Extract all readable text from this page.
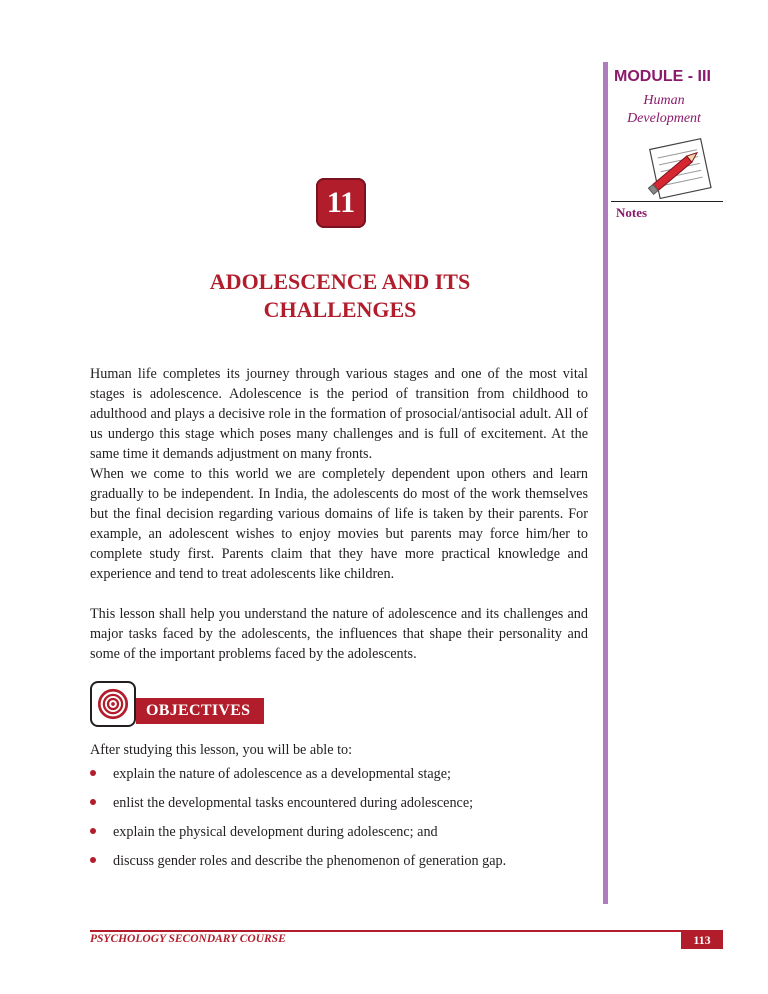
MODULE - III
Human
Development
Notes
11
ADOLESCENCE AND ITS
CHALLENGES

Human life completes its journey through various stages and one of the most vital stages is adolescence. Adolescence is the period of transition from childhood to adulthood and plays a decisive role in the formation of prosocial/antisocial adult. All of us undergo this stage which poses many challenges and is full of excitement. At the same time it demands adjustment on many fronts.

When we come to this world we are completely dependent upon others and learn gradually to be independent. In India, the adolescents do most of the work themselves but the final decision regarding various domains of life is taken by their parents. For example, an adolescent wishes to enjoy movies but parents may force him/her to complete study first. Parents claim that they have more practical knowledge and experience and tend to treat adolescents like children.

This lesson shall help you understand the nature of adolescence and its challenges and major tasks faced by the adolescents, the influences that shape their personality and some of the important problems faced by the adolescents.

OBJECTIVES
After studying this lesson, you will be able to:
explain the nature of adolescence as a developmental stage;
enlist the developmental tasks encountered during adolescence;
explain the physical development during adolescenc; and
discuss gender roles and describe the phenomenon of generation gap.
PSYCHOLOGY SECONDARY COURSE	113
